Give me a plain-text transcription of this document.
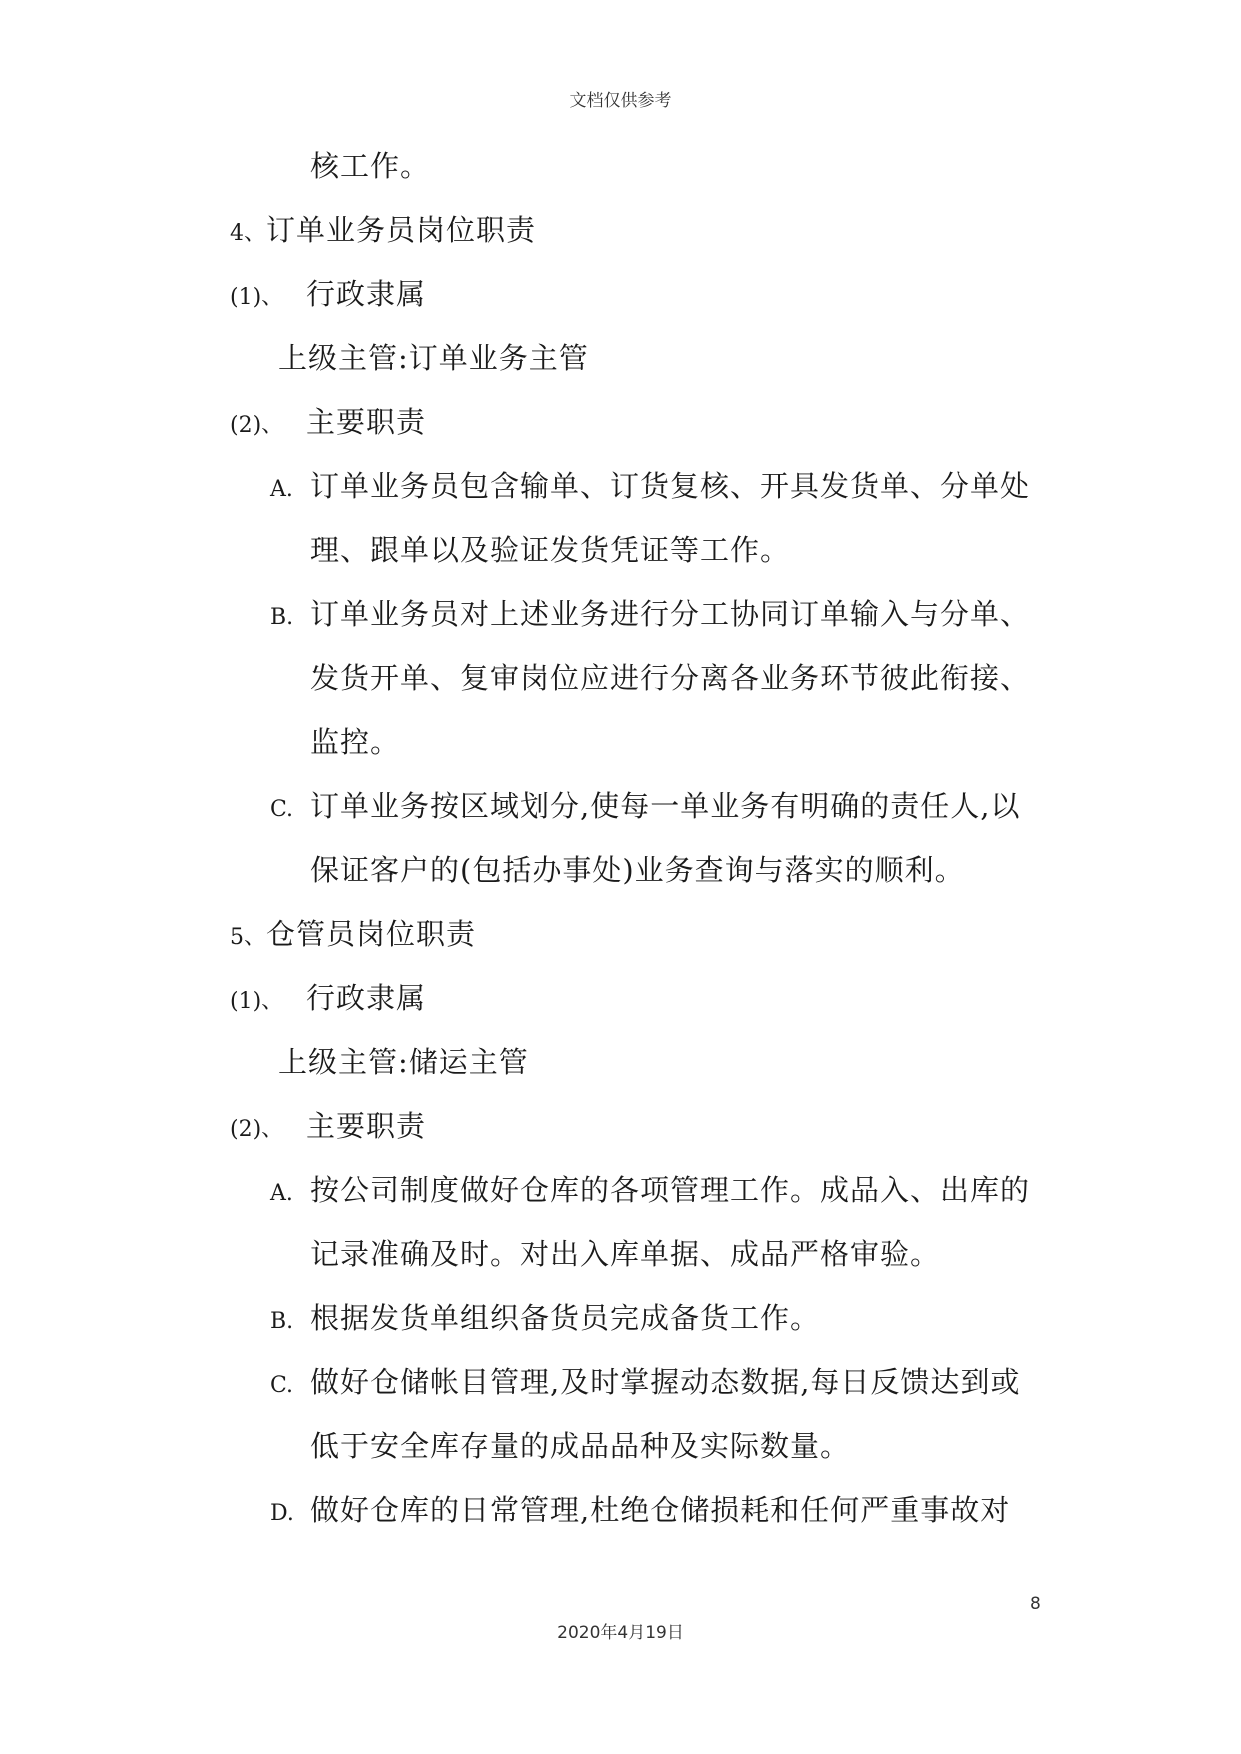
文档仅供参考
核工作。
4、订单业务员岗位职责
(1)、 行政隶属
上级主管:订单业务主管
(2)、 主要职责
A. 订单业务员包含输单、订货复核、开具发货单、分单处
理、跟单以及验证发货凭证等工作。
B. 订单业务员对上述业务进行分工协同订单输入与分单、
发货开单、复审岗位应进行分离各业务环节彼此衔接、
监控。
C. 订单业务按区域划分,使每一单业务有明确的责任人,以
保证客户的(包括办事处)业务查询与落实的顺利。
5、仓管员岗位职责
(1)、 行政隶属
上级主管:储运主管
(2)、 主要职责
A. 按公司制度做好仓库的各项管理工作。成品入、出库的
记录准确及时。对出入库单据、成品严格审验。
B. 根据发货单组织备货员完成备货工作。
C. 做好仓储帐目管理,及时掌握动态数据,每日反馈达到或
低于安全库存量的成品品种及实际数量。
D. 做好仓库的日常管理,杜绝仓储损耗和任何严重事故对
8
2020年4月19日
